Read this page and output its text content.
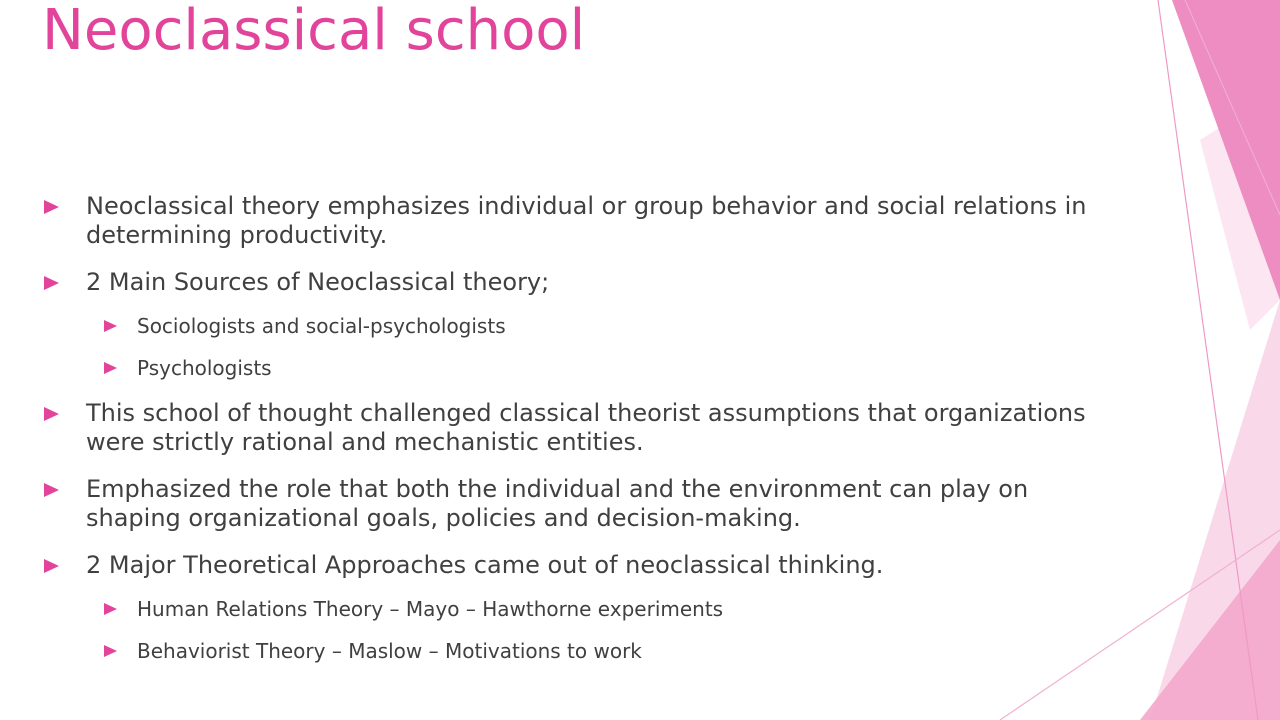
Neoclassical school
Neoclassical theory emphasizes individual or group behavior and social relations in
determining productivity.
2 Main Sources of Neoclassical theory;
Sociologists and social-psychologists
Psychologists
This school of thought challenged classical theorist assumptions that organizations
were strictly rational and mechanistic entities.
Emphasized the role that both the individual and the environment can play on
shaping organizational goals, policies and decision-making.
2 Major Theoretical Approaches came out of neoclassical thinking.
Human Relations Theory – Mayo – Hawthorne experiments
Behaviorist Theory – Maslow – Motivations to work
